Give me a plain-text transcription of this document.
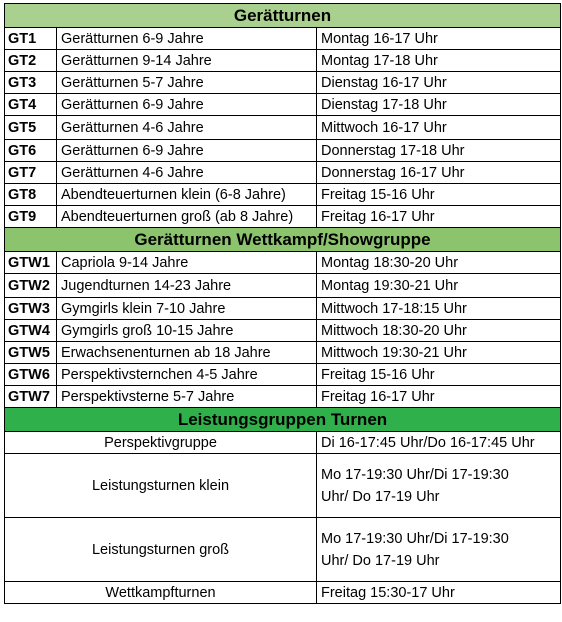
Gerätturnen		
GT1	Gerätturnen 6-9 Jahre	Montag 16-17 Uhr
GT2	Gerätturnen 9-14 Jahre	Montag 17-18 Uhr
GT3	Gerätturnen 5-7 Jahre	Dienstag 16-17 Uhr
GT4	Gerätturnen 6-9 Jahre	Dienstag 17-18 Uhr
GT5	Gerätturnen 4-6 Jahre	Mittwoch 16-17 Uhr
GT6	Gerätturnen 6-9 Jahre	Donnerstag 17-18 Uhr
GT7	Gerätturnen 4-6 Jahre	Donnerstag 16-17 Uhr
GT8	Abendteuerturnen klein (6-8 Jahre)	Freitag 15-16 Uhr
GT9	Abendteuerturnen groß (ab 8 Jahre)	Freitag 16-17 Uhr
Gerätturnen Wettkampf/Showgruppe		
GTW1	Capriola 9-14 Jahre	Montag 18:30-20 Uhr
GTW2	Jugendturnen 14-23 Jahre	Montag 19:30-21 Uhr
GTW3	Gymgirls klein 7-10 Jahre	Mittwoch 17-18:15 Uhr
GTW4	Gymgirls groß 10-15 Jahre	Mittwoch 18:30-20 Uhr
GTW5	Erwachsenenturnen ab 18 Jahre	Mittwoch 19:30-21 Uhr
GTW6	Perspektivsternchen 4-5 Jahre	Freitag 15-16 Uhr
GTW7	Perspektivsterne 5-7 Jahre	Freitag 16-17 Uhr
Leistungsgruppen Turnen		
Perspektivgruppe		Di 16-17:45 Uhr/Do 16-17:45 Uhr
Leistungsturnen klein		Mo 17-19:30 Uhr/Di 17-19:30
Uhr/ Do 17-19 Uhr
Leistungsturnen groß		Mo 17-19:30 Uhr/Di 17-19:30
Uhr/ Do 17-19 Uhr
Wettkampfturnen		Freitag 15:30-17 Uhr
